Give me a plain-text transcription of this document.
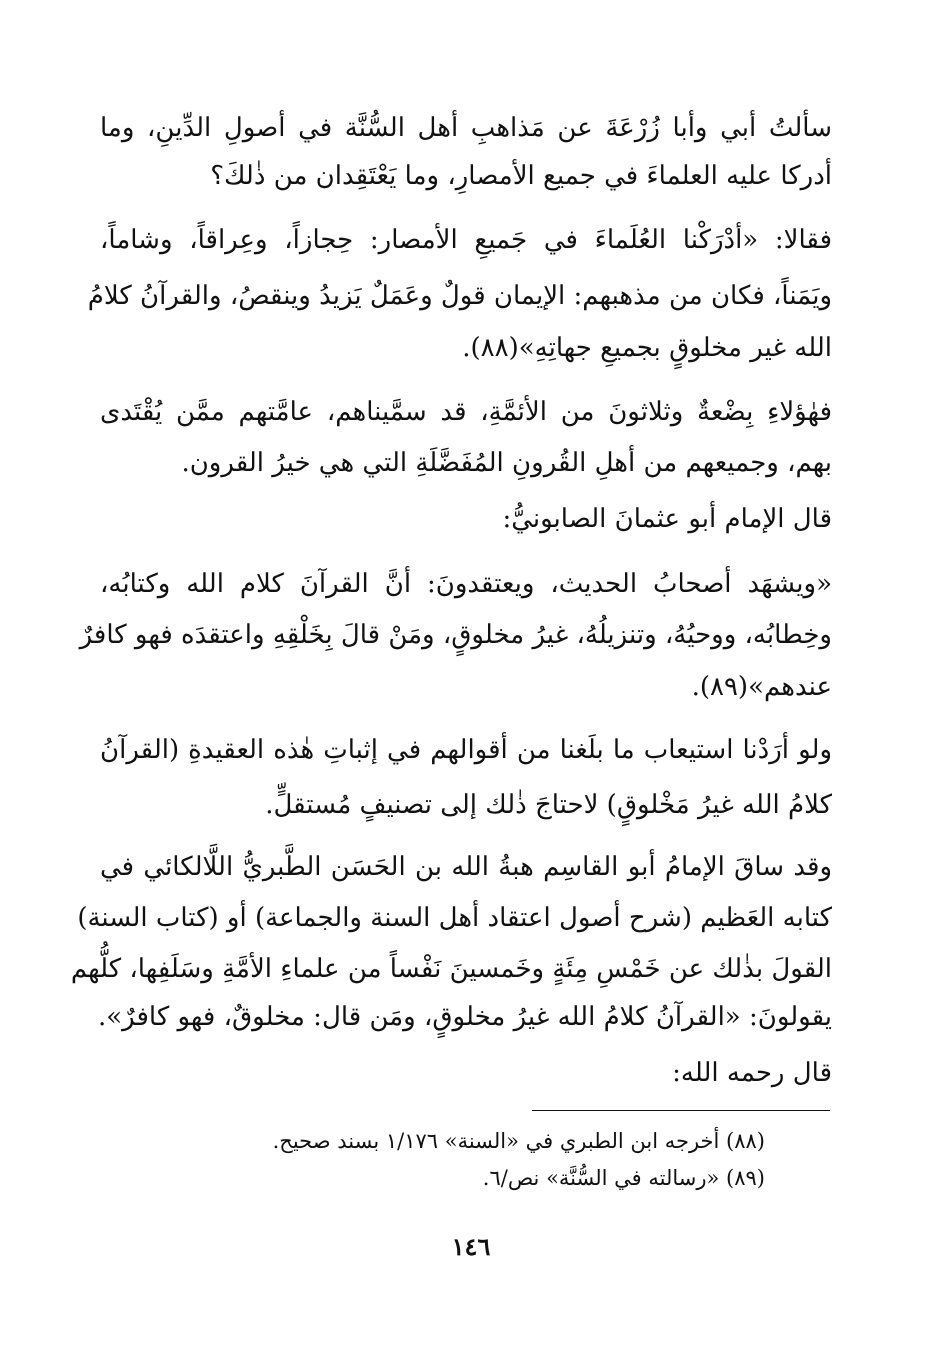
سألتُ أبي وأبا زُرْعَةَ عن مَذاهبِ أهل السُّنَّة في أصولِ الدِّينِ، وما
أدركا عليه العلماءَ في جميع الأمصارِ، وما يَعْتَقِدان من ذٰلكَ؟
فقالا: «أدْرَكْنا العُلَماءَ في جَميعِ الأمصار: حِجازاً، وعِراقاً، وشاماً،
ويَمَناً، فكان من مذهبهم: الإيمان قولٌ وعَمَلٌ يَزيدُ وينقصُ، والقرآنُ كلامُ
الله غير مخلوقٍ بجميعِ جهاتِهِ»(٨٨).
فهٰؤلاءِ بِضْعةٌ وثلاثونَ من الأئمَّةِ، قد سمَّيناهم، عامَّتهم ممَّن يُقْتَدى
بهم، وجميعهم من أهلِ القُرونِ المُفَضَّلَةِ التي هي خيرُ القرون.
قال الإمام أبو عثمانَ الصابونيُّ:
«ويشهَد أصحابُ الحديث، ويعتقدونَ: أنَّ القرآنَ كلام الله وكتابُه،
وخِطابُه، ووحيُهُ، وتنزيلُهُ، غيرُ مخلوقٍ، ومَنْ قالَ بِخَلْقِهِ واعتقدَه فهو كافرٌ
عندهم»(٨٩).
ولو أرَدْنا استيعاب ما بلَغنا من أقوالهم في إثباتِ هٰذه العقيدةِ (القرآنُ
كلامُ الله غيرُ مَخْلوقٍ) لاحتاجَ ذٰلك إلى تصنيفٍ مُستقلٍّ.
وقد ساقَ الإمامُ أبو القاسِم هبةُ الله بن الحَسَن الطَّبريُّ اللَّالكائي في
كتابه العَظيم (شرح أصول اعتقاد أهل السنة والجماعة) أو (كتاب السنة)
القولَ بذٰلك عن خَمْسِ مِئَةٍ وخَمسينَ نَفْساً من علماءِ الأمَّةِ وسَلَفِها، كلُّهم
يقولونَ: «القرآنُ كلامُ الله غيرُ مخلوقٍ، ومَن قال: مخلوقٌ، فهو كافرٌ».
قال رحمه الله:
(٨٨) أخرجه ابن الطبري في «السنة» ١/١٧٦ بسند صحيح.
(٨٩) «رسالته في السُّنَّة» نص/٦.
١٤٦
